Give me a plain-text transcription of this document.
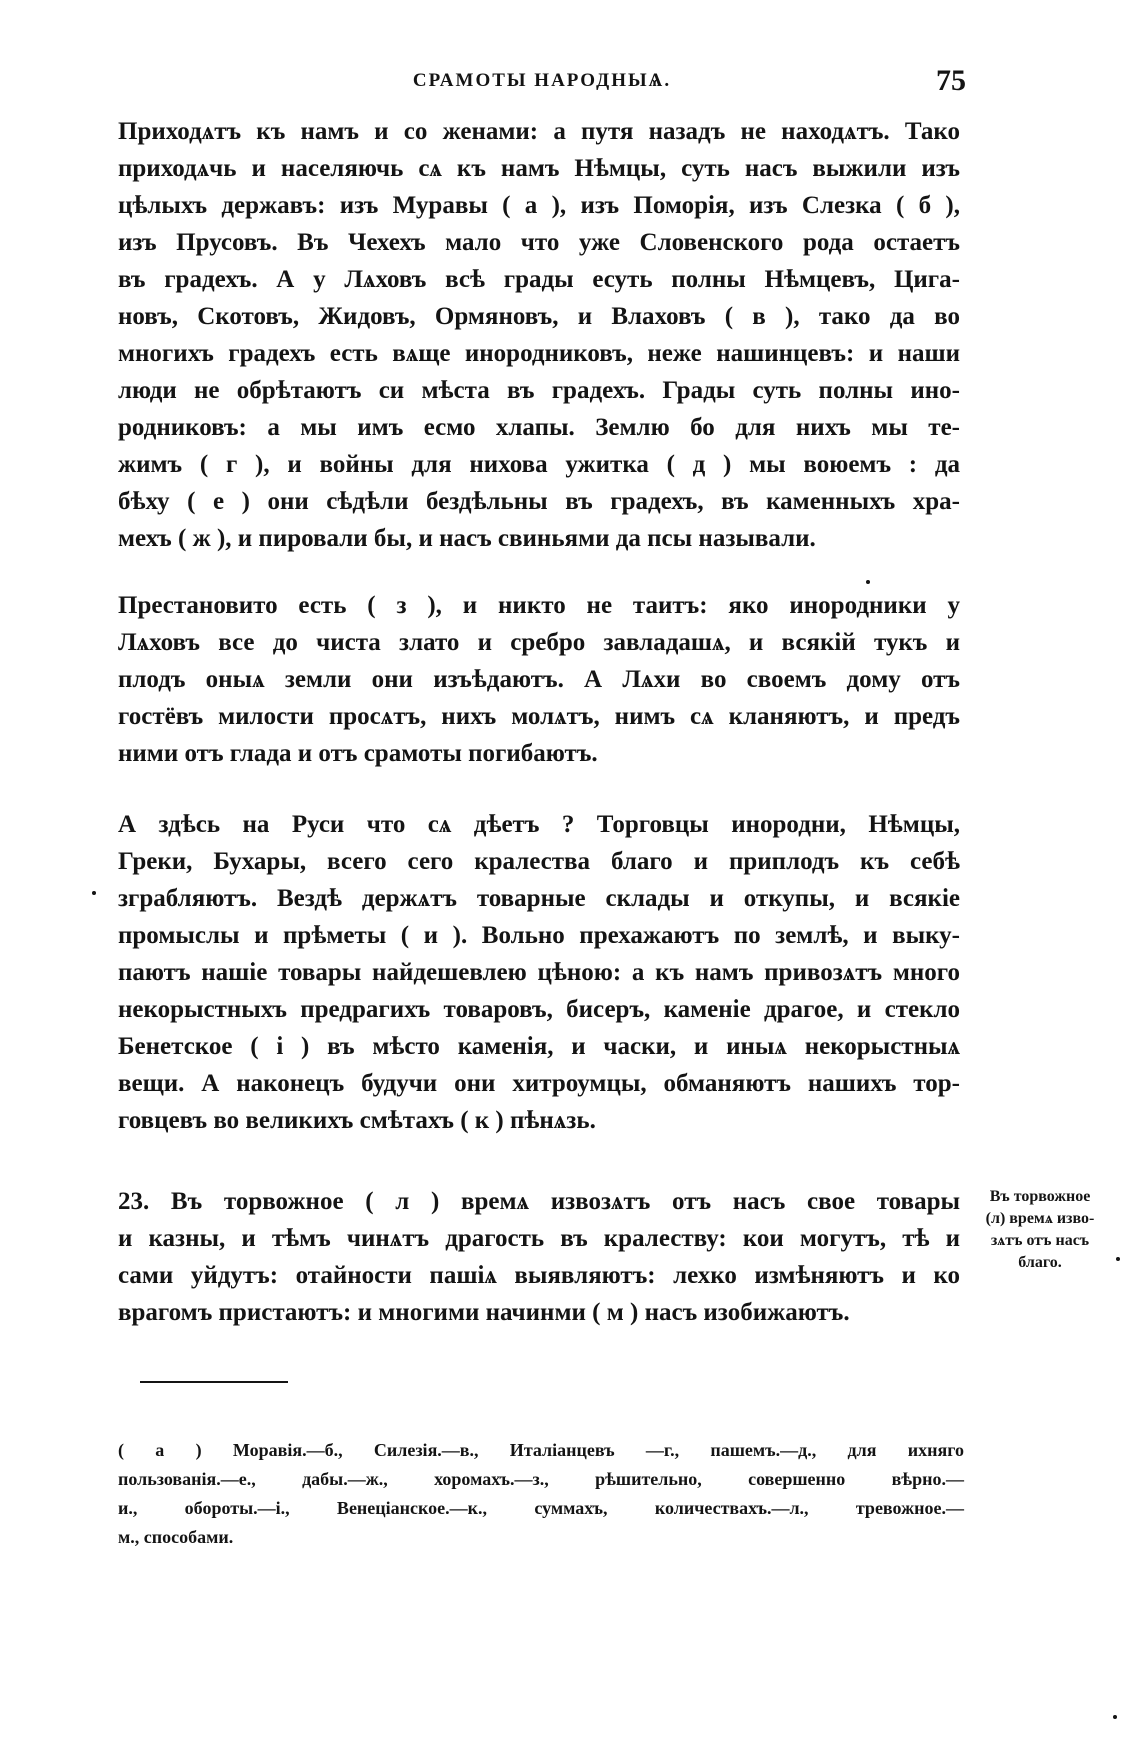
СРАМОТЫ НАРОДНЫѦ.	75
Приходѧтъ къ намъ и со женами: а путя назадъ не находѧтъ. Тако
приходѧчь и населяючь сѧ къ намъ Нѣмцы, суть насъ выжили изъ
цѣлыхъ державъ: изъ Муравы ( а ), изъ Поморія, изъ Слезка ( б ),
изъ Прусовъ. Въ Чехехъ мало что уже Словенского рода остаетъ
въ градехъ. А у Лѧховъ всѣ грады есуть полны Нѣмцевъ, Цига-
новъ, Скотовъ, Жидовъ, Ормяновъ, и Влаховъ ( в ), тако да во
многихъ градехъ есть вѧще инородниковъ, неже нашинцевъ: и наши
люди не обрѣтаютъ си мѣста въ градехъ. Грады суть полны ино-
родниковъ: а мы имъ есмо хлапы. Землю бо для нихъ мы те-
жимъ ( г ), и войны для нихова ужитка ( д ) мы воюемъ : да
бѣху ( е ) они сѣдѣли бездѣльны въ градехъ, въ каменныхъ хра-
мехъ ( ж ), и пировали бы, и насъ свиньями да псы называли.
Престановито есть ( з ), и никто не таитъ: яко инородники у
Лѧховъ все до чиста злато и сребро завладашѧ, и всякій тукъ и
плодъ оныѧ земли они изъѣдаютъ. А Лѧхи во своемъ дому отъ
гостёвъ милости просѧтъ, нихъ молѧтъ, нимъ сѧ кланяютъ, и предъ
ними отъ глада и отъ срамоты погибаютъ.
А здѣсь на Руси что сѧ дѣетъ ? Торговцы инородни, Нѣмцы,
Греки, Бухары, всего сего кралества благо и приплодъ къ себѣ
зграбляютъ. Вездѣ держѧтъ товарные склады и откупы, и всякіе
промыслы и прѣметы ( и ). Вольно прехажаютъ по землѣ, и выку-
паютъ нашіе товары найдешевлею цѣною: а къ намъ привозѧтъ много
некорыстныхъ предрагихъ товаровъ, бисеръ, каменіе драгое, и стекло
Бенетское ( і ) въ мѣсто каменія, и часки, и иныѧ некорыстныѧ
вещи. А наконецъ будучи они хитроумцы, обманяютъ нашихъ тор-
говцевъ во великихъ смѣтахъ ( к ) пѣнѧзь.
23. Въ торвожное ( л ) времѧ извозѧтъ отъ насъ свое товары
и казны, и тѣмъ чинѧтъ драгость въ кралеству: кои могутъ, тѣ и
сами уйдутъ: отайности пашіѧ выявляютъ: лехко измѣняютъ и ко
врагомъ пристаютъ: и многими начинми ( м ) насъ изобижаютъ.
Въ торвожное
(л) времѧ изво-
зѧтъ отъ насъ
благо.
( а ) Моравія.—б., Силезія.—в., Италіанцевъ —г., пашемъ.—д., для ихняго
пользованія.—е., дабы.—ж., хоромахъ.—з., рѣшительно, совершенно вѣрно.—
и., обороты.—і., Венеціанское.—к., суммахъ, количествахъ.—л., тревожное.—
м., способами.
